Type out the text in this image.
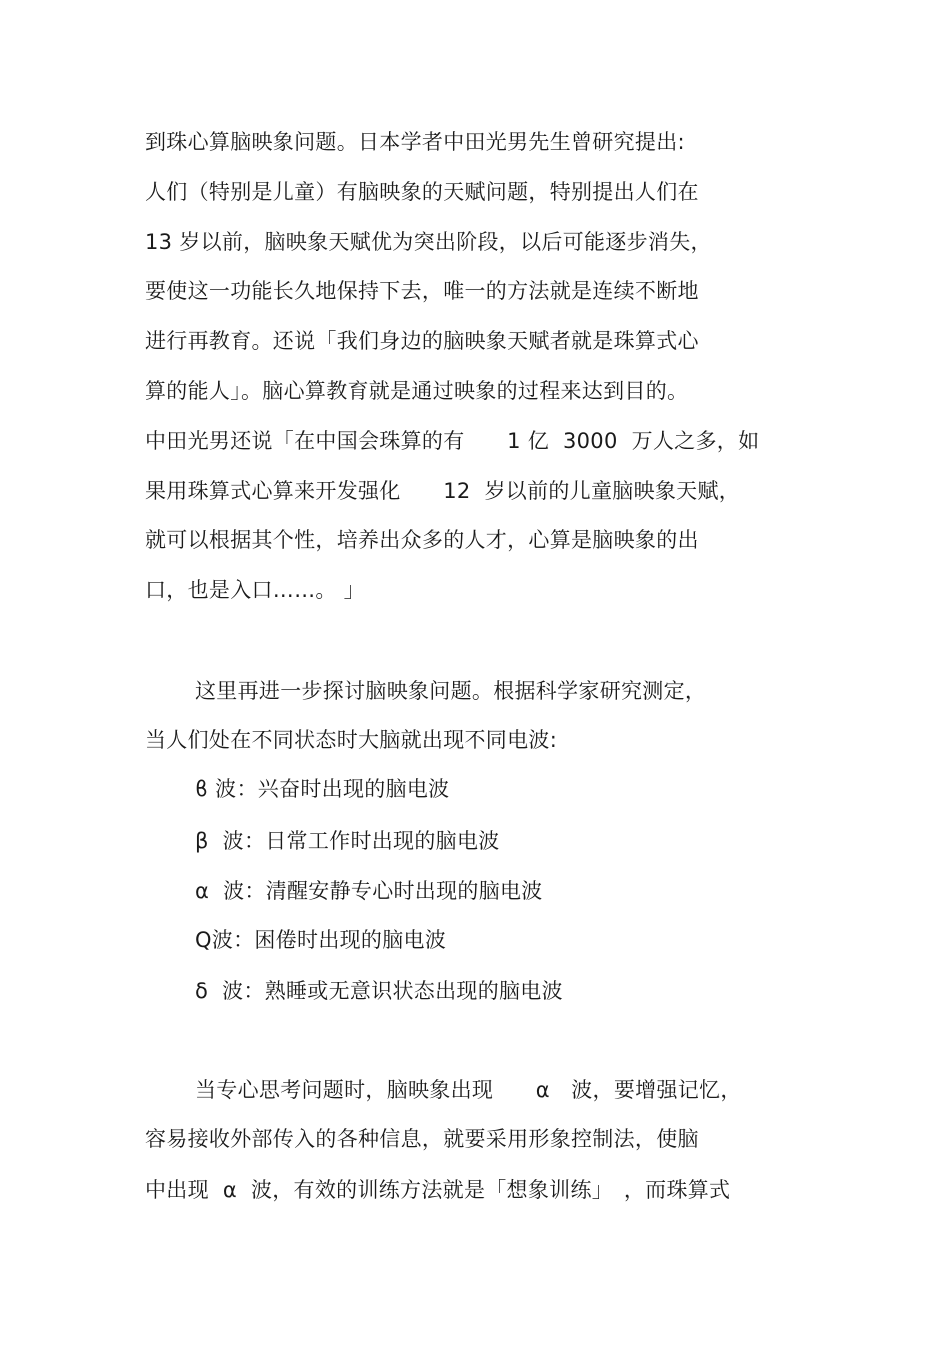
到珠心算脑映象问题。日本学者中田光男先生曾研究提出:
人们（特别是儿童）有脑映象的天赋问题，特别提出人们在
13 岁以前，脑映象天赋优为突出阶段，以后可能逐步消失，
要使这一功能长久地保持下去，唯一的方法就是连续不断地
进行再教育。还说「我们身边的脑映象天赋者就是珠算式心
算的能人」。脑心算教育就是通过映象的过程来达到目的。
中田光男还说「在中国会珠算的有　　1 亿  3000  万人之多，如
果用珠算式心算来开发强化　　12  岁以前的儿童脑映象天赋，
就可以根据其个性，培养出众多的人才，心算是脑映象的出
口，也是入口……。 」
这里再进一步探讨脑映象问题。根据科学家研究测定，
当人们处在不同状态时大脑就出现不同电波:
ϐ 波：兴奋时出现的脑电波
β  波：日常工作时出现的脑电波
α  波：清醒安静专心时出现的脑电波
Q波：困倦时出现的脑电波
δ  波：熟睡或无意识状态出现的脑电波
当专心思考问题时，脑映象出现　　α　波，要增强记忆，
容易接收外部传入的各种信息，就要采用形象控制法，使脑
中出现  α  波，有效的训练方法就是「想象训练」　，而珠算式
